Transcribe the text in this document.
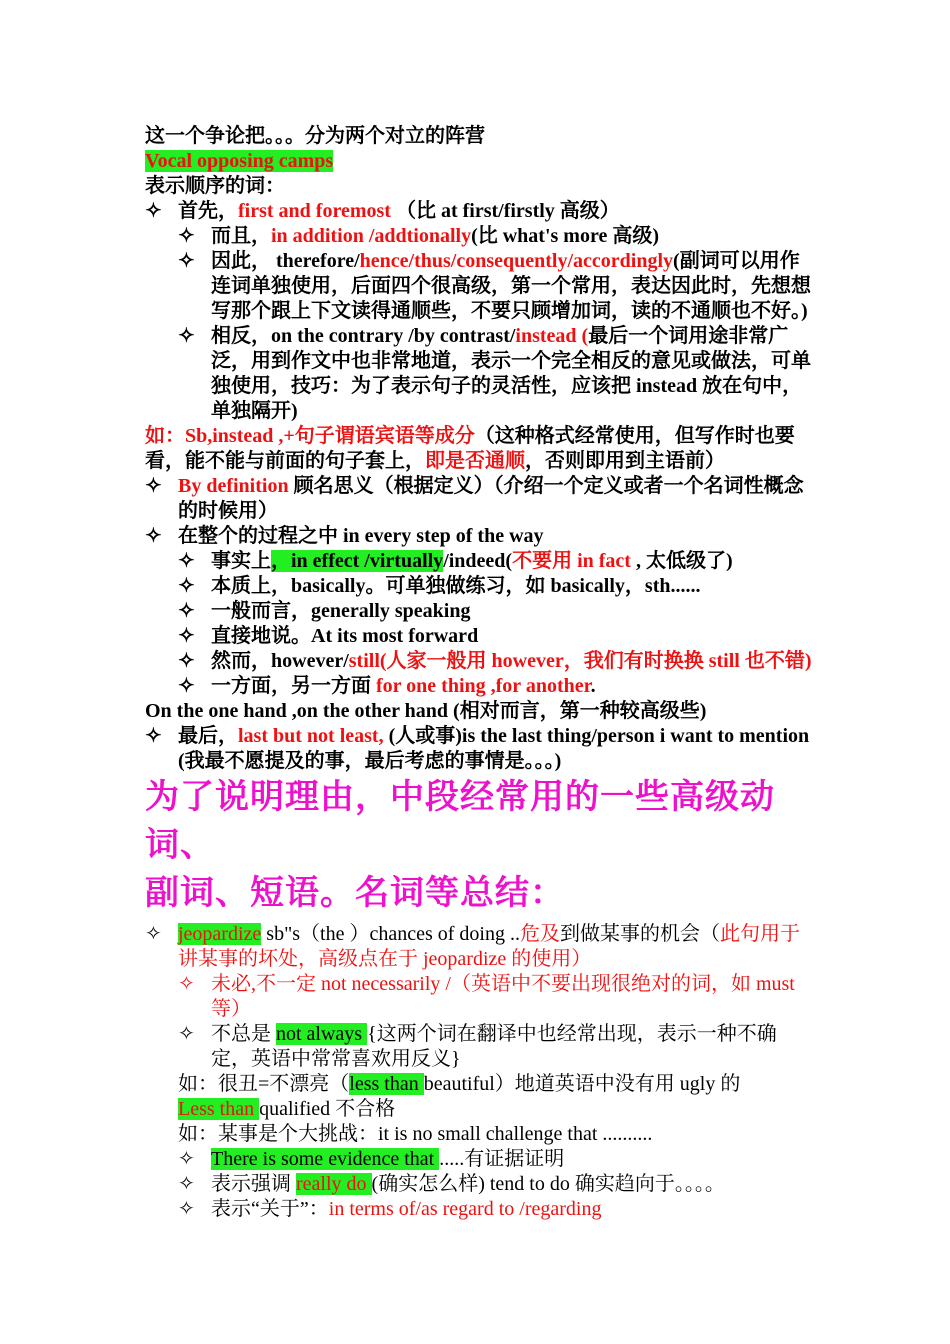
这一个争论把。。。分为两个对立的阵营
Vocal opposing camps
表示顺序的词：
✧ 首先，first and foremost （比 at first/firstly 高级）
✧ 而且，in addition /addtionally(比 what's more 高级)
✧ 因此， therefore/hence/thus/consequently/accordingly(副词可以用作连词单独使用，后面四个很高级，第一个常用，表达因此时，先想想写那个跟上下文读得通顺些，不要只顾增加词，读的不通顺也不好。)
✧ 相反，on the contrary /by contrast/instead (最后一个词用途非常广泛，用到作文中也非常地道，表示一个完全相反的意见或做法，可单独使用，技巧：为了表示句子的灵活性，应该把 instead 放在句中，单独隔开)
如：Sb,instead ,+句子谓语宾语等成分（这种格式经常使用，但写作时也要看，能不能与前面的句子套上，即是否通顺，否则即用到主语前）
✧ By definition 顾名思义（根据定义）（介绍一个定义或者一个名词性概念的时候用）
✧ 在整个的过程之中 in every step of the way
✧ 事实上，in effect /virtually/indeed(不要用 in fact , 太低级了)
✧ 本质上，basically。可单独做练习，如 basically，sth......
✧ 一般而言，generally speaking
✧ 直接地说。At its most forward
✧ 然而，however/still(人家一般用 however，我们有时换换 still 也不错)
✧ 一方面，另一方面 for one thing ,for another.
On the one hand ,on the other hand (相对而言，第一种较高级些)
✧ 最后，last but not least, (人或事)is the last thing/person i want to mention (我最不愿提及的事，最后考虑的事情是。。。)
为了说明理由，中段经常用的一些高级动词、
副词、短语。名词等总结：
✧ jeopardize sb"s（the ）chances of doing ..危及到做某事的机会（此句用于讲某事的坏处，高级点在于 jeopardize 的使用）
✧ 未必,不一定 not necessarily /（英语中不要出现很绝对的词，如 must 等）
✧ 不总是 not always {这两个词在翻译中也经常出现，表示一种不确定，英语中常常喜欢用反义}
如：很丑=不漂亮（less than beautiful）地道英语中没有用 ugly 的
Less than qualified 不合格
如：某事是个大挑战：it is no small challenge that ..........
✧ There is some evidence that .....有证据证明
✧ 表示强调 really do (确实怎么样) tend to do 确实趋向于。。。。
✧ 表示“关于”：in terms of/as regard to /regarding
